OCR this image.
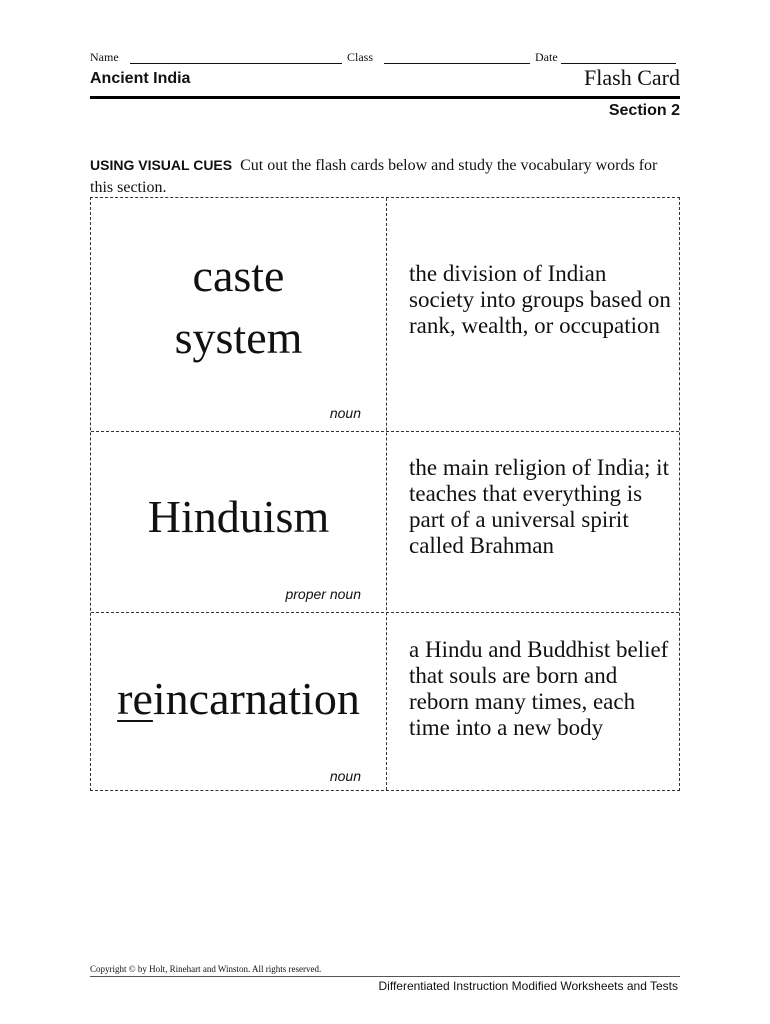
Name	Class	Date
Ancient India	Flash Card
Section 2
USING VISUAL CUES Cut out the flash cards below and study the vocabulary words for this section.
caste
system
noun
the division of Indian society into groups based on rank, wealth, or occupation
Hinduism
proper noun
the main religion of India; it teaches that everything is part of a universal spirit called Brahman
reincarnation
noun
a Hindu and Buddhist belief that souls are born and reborn many times, each time into a new body
Copyright © by Holt, Rinehart and Winston. All rights reserved.
Differentiated Instruction Modified Worksheets and Tests
